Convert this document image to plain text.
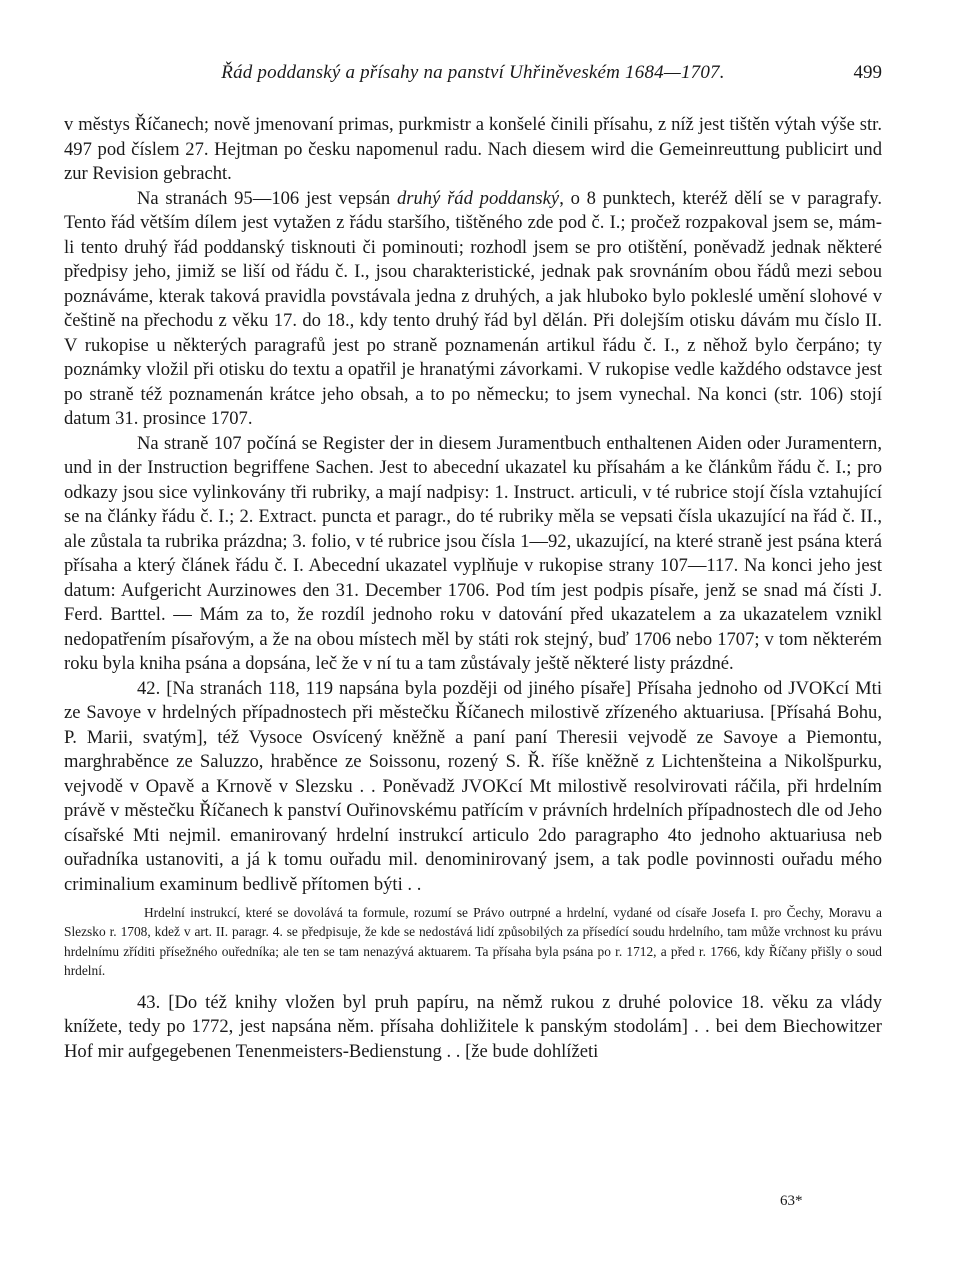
Řád poddanský a přísahy na panství Uhřiněveském 1684—1707.	499

v městys Říčanech; nově jmenovaní primas, purkmistr a konšelé činili přísahu, z níž jest tištěn výtah výše str. 497 pod číslem 27. Hejtman po česku napomenul radu. Nach diesem wird die Gemeinreuttung publicirt und zur Revision gebracht.

Na stranách 95—106 jest vepsán druhý řád poddanský, o 8 punktech, kteréž dělí se v paragrafy. Tento řád větším dílem jest vytažen z řádu staršího, tištěného zde pod č. I.; pročež rozpakoval jsem se, mám-li tento druhý řád poddanský tisknouti či pominouti; rozhodl jsem se pro otištění, poněvadž jednak některé předpisy jeho, jimiž se liší od řádu č. I., jsou charakteristické, jednak pak srovnáním obou řádů mezi sebou poznáváme, kterak taková pravidla povstávala jedna z druhých, a jak hluboko bylo pokleslé umění slohové v češtině na přechodu z věku 17. do 18., kdy tento druhý řád byl dělán. Při dolejším otisku dávám mu číslo II. V rukopise u některých paragrafů jest po straně poznamenán artikul řádu č. I., z něhož bylo čerpáno; ty poznámky vložil při otisku do textu a opatřil je hranatými závorkami. V rukopise vedle každého odstavce jest po straně též poznamenán krátce jeho obsah, a to po německu; to jsem vynechal. Na konci (str. 106) stojí datum 31. prosince 1707.

Na straně 107 počíná se Register der in diesem Juramentbuch enthaltenen Aiden oder Juramentern, und in der Instruction begriffene Sachen. Jest to abecední ukazatel ku přísahám a ke článkům řádu č. I.; pro odkazy jsou sice vylinkovány tři rubriky, a mají nadpisy: 1. Instruct. articuli, v té rubrice stojí čísla vztahující se na články řádu č. I.; 2. Extract. puncta et paragr., do té rubriky měla se vepsati čísla ukazující na řád č. II., ale zůstala ta rubrika prázdna; 3. folio, v té rubrice jsou čísla 1—92, ukazující, na které straně jest psána která přísaha a který článek řádu č. I. Abecední ukazatel vyplňuje v rukopise strany 107—117. Na konci jeho jest datum: Aufgericht Aurzinowes den 31. December 1706. Pod tím jest podpis písaře, jenž se snad má čísti J. Ferd. Barttel. — Mám za to, že rozdíl jednoho roku v datování před ukazatelem a za ukazatelem vznikl nedopatřením písařovým, a že na obou místech měl by státi rok stejný, buď 1706 nebo 1707; v tom některém roku byla kniha psána a dopsána, leč že v ní tu a tam zůstávaly ještě některé listy prázdné.

42. [Na stranách 118, 119 napsána byla později od jiného písaře] Přísaha jednoho od JVOKcí Mti ze Savoye v hrdelných případnostech při městečku Říčanech milostivě zřízeného aktuariusa. [Přísahá Bohu, P. Marii, svatým], též Vysoce Osvícený kněžně a paní paní Theresii vejvodě ze Savoye a Piemontu, marghraběnce ze Saluzzo, hraběnce ze Soissonu, rozený S. Ř. říše kněžně z Lichtenšteina a Nikolšpurku, vejvodě v Opavě a Krnově v Slezsku . . Poněvadž JVOKcí Mt milostivě resolvirovati ráčila, při hrdelním právě v městečku Říčanech k panství Ouřinovskému patřícím v právních hrdelních případnostech dle od Jeho císařské Mti nejmil. emanirovaný hrdelní instrukcí articulo 2do paragrapho 4to jednoho aktuariusa neb ouřadníka ustanoviti, a já k tomu ouřadu mil. denominirovaný jsem, a tak podle povinnosti ouřadu mého criminalium examinum bedlivě přítomen býti . .

Hrdelní instrukcí, které se dovolává ta formule, rozumí se Právo outrpné a hrdelní, vydané od císaře Josefa I. pro Čechy, Moravu a Slezsko r. 1708, kdež v art. II. paragr. 4. se předpisuje, že kde se nedostává lidí způsobilých za přísedící soudu hrdelního, tam může vrchnost ku právu hrdelnímu zříditi přísežného ouředníka; ale ten se tam nenazývá aktuarem. Ta přísaha byla psána po r. 1712, a před r. 1766, kdy Říčany přišly o soud hrdelní.

43. [Do též knihy vložen byl pruh papíru, na němž rukou z druhé polovice 18. věku za vlády knížete, tedy po 1772, jest napsána něm. přísaha dohližitele k panským stodolám] . . bei dem Biechowitzer Hof mir aufgegebenen Tenenmeisters-Bedienstung . . [že bude dohlížeti

63*
